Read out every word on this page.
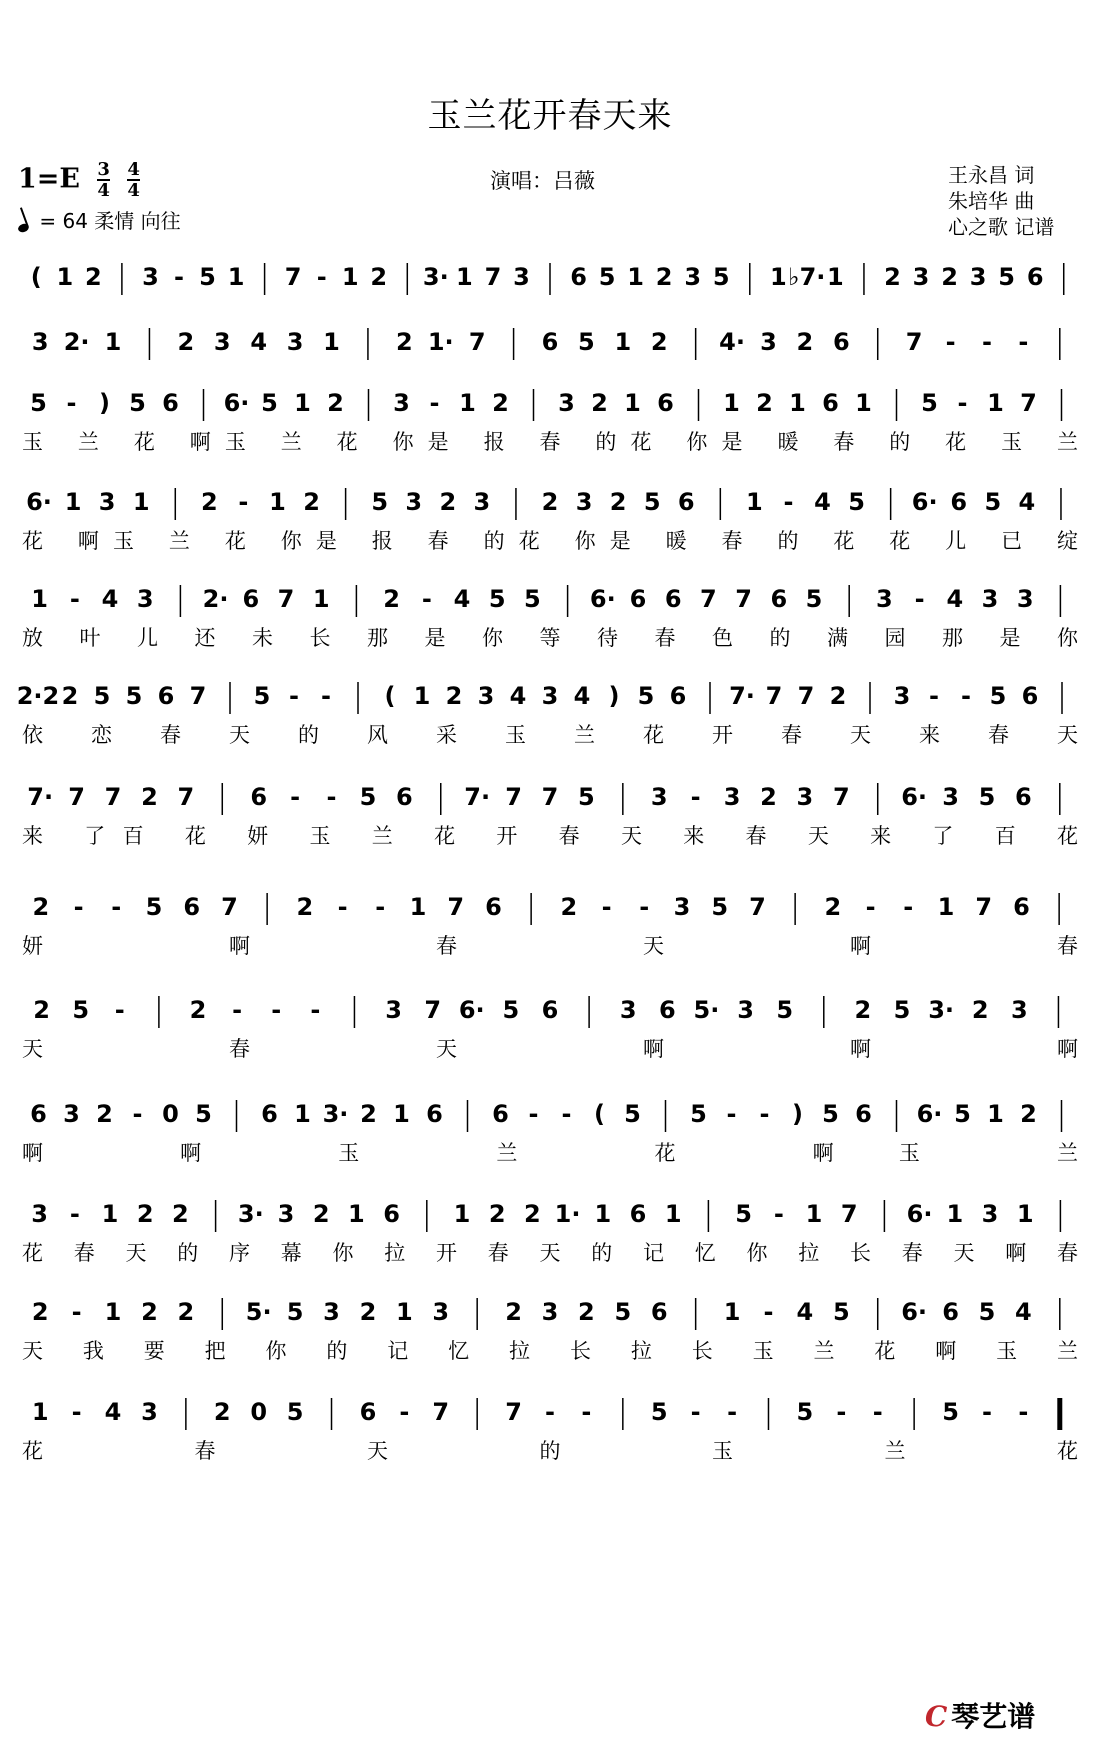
玉兰花开春天来
$1=E \frac{3}{4}$
$\frac{4}{4}$
= 64 柔情 向往
演唱：吕薇	王永昌 词
朱培华 曲
心之歌 记谱
( 1 2 3 - 5 1 7 - 1 2 3· 1 7 3 6 5 1 2 3 5 1 ♭7· 1 2 3 2 3 5 6
3 2· 1 2 3 4 3 1 2 1· 7 6 5 1 2 4· 3 2 6 7 - - -
5 - ) 5 6 6· 5 1 2 3 - 1 2 3 2 1 6 1 2 1 6 1 5 - 1 7
玉 兰 花 啊玉 兰 花 你是 报 春 的花 你是 暖 春 的 花 玉 兰
6· 1 3 1 2 - 1 2 5 3 2 3 2 3 2 5 6 1 - 4 5 6· 6 5 4
花 啊玉 兰 花 你是 报 春 的花 你是 暖 春 的 花 花 儿 已 绽
1 - 4 3 2· 6 7 1 2 - 4 5 5 6· 6 6 7 7 6 5 3 - 4 3 3
放 叶 儿 还 未 长 那 是 你 等 待 春 色 的 满 园 那 是 你
2·2 2 5 5 6 7 5 - - ( 1 2 3 4 3 4 ) 5 6 7· 7 7 2 3 - - 5 6
依 恋 春 天 的 风 采 玉 兰 花 开 春 天 来 春 天
7· 7 7 2 7 6 - - 5 6 7· 7 7 5 3 - 3 2 3 7 6· 3 5 6
来 了百 花 妍 玉 兰 花 开 春 天 来 春 天 来 了 百 花
2 - - 5 6 7 2 - - 1 7 6 2 - - 3 5 7 2 - - 1 7 6
妍 啊 春 天 啊 春
2 5 -	2 - - -	3 7 6· 5 6	3 6 5· 3 5	2 5 3· 2 3
天 春 天 啊 啊 啊
6 3 2 - 0 5 6 1 3· 2 1 6 6 - - ( 5 5 - - ) 5 6 6· 5 1 2
啊 啊 玉 兰 花 啊玉 兰
3 - 1 2 2 3· 3 2 1 6 1 2 2 1· 1 6 1 5 - 1 7 6· 1 3 1
花 春 天 的 序 幕 你 拉 开 春 天 的 记 忆 你 拉 长 春 天 啊 春
2 - 1 2 2 5· 5 3 2 1 3 2 3 2 5 6 1 - 4 5 6· 6 5 4
天 我 要 把 你 的 记 忆 拉 长 拉 长 玉 兰 花 啊 玉 兰
1 - 4 3 2 0 5 6 - 7 7 - - 5 - - 5 - - 5 - -
花 春 天 的 玉 兰 花
C 琴艺谱
